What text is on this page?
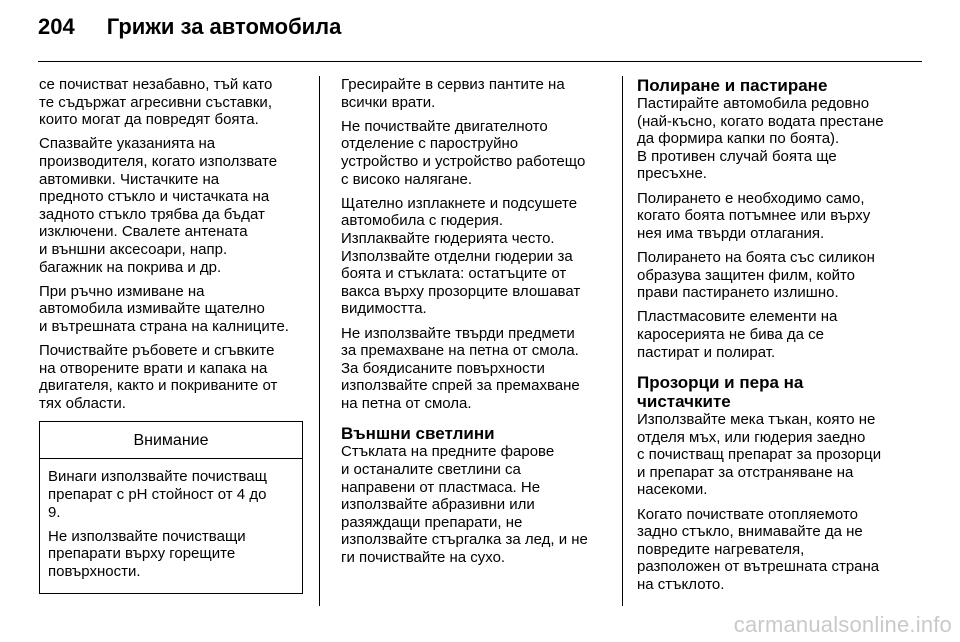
204 Грижи за автомобила

се почистват незабавно, тъй като
те съдържат агресивни съставки,
които могат да повредят боята.

Спазвайте указанията на
производителя, когато използвате
автомивки. Чистачките на
предното стъкло и чистачката на
задното стъкло трябва да бъдат
изключени. Свалете антената
и външни аксесоари, напр.
багажник на покрива и др.

При ръчно измиване на
автомобила измивайте щателно
и вътрешната страна на калниците.

Почиствайте ръбовете и сгъвките
на отворените врати и капака на
двигателя, както и покриваните от
тях области.

Внимание

Винаги използвайте почистващ
препарат с pH стойност от 4 до
9.

Не използвайте почистващи
препарати върху горещите
повърхности.

Гресирайте в сервиз пантите на
всички врати.

Не почиствайте двигателното
отделение с пароструйно
устройство и устройство работещо
с високо налягане.

Щателно изплакнете и подсушете
автомобила с гюдерия.
Изплаквайте гюдерията често.
Използвайте отделни гюдерии за
боята и стъклата: остатъците от
вакса върху прозорците влошават
видимостта.

Не използвайте твърди предмети
за премахване на петна от смола.
За боядисаните повърхности
използвайте спрей за премахване
на петна от смола.

Външни светлини

Стъклата на предните фарове
и останалите светлини са
направени от пластмаса. Не
използвайте абразивни или
разяждащи препарати, не
използвайте стъргалка за лед, и не
ги почиствайте на сухо.

Полиране и пастиране

Пастирайте автомобила редовно
(най-късно, когато водата престане
да формира капки по боята).
В противен случай боята ще
пресъхне.

Полирането е необходимо само,
когато боята потъмнее или върху
нея има твърди отлагания.

Полирането на боята със силикон
образува защитен филм, който
прави пастирането излишно.

Пластмасовите елементи на
каросерията не бива да се
пастират и полират.

Прозорци и пера на
чистачките

Използвайте мека тъкан, която не
отделя мъх, или гюдерия заедно
с почистващ препарат за прозорци
и препарат за отстраняване на
насекоми.

Когато почиствате отопляемото
задно стъкло, внимавайте да не
повредите нагревателя,
разположен от вътрешната страна
на стъклото.

carmanualsonline.info
